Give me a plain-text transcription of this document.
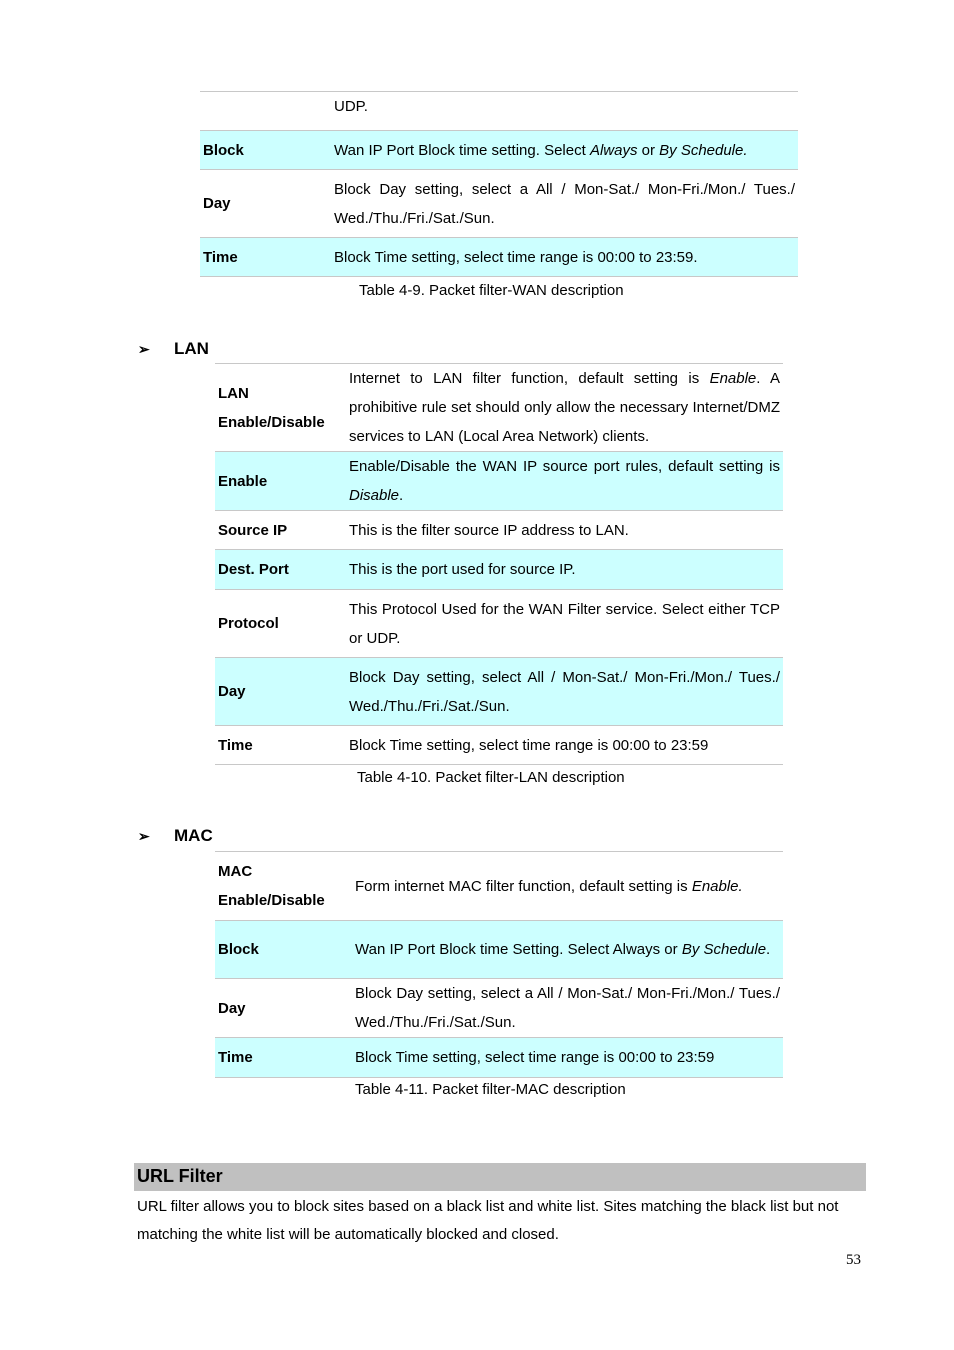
	UDP.
Block	Wan IP Port Block time setting. Select Always or By Schedule.
Day	Block Day setting, select a All / Mon-Sat./ Mon-Fri./Mon./ Tues./ Wed./Thu./Fri./Sat./Sun.
Time	Block Time setting, select time range is 00:00 to 23:59.
Table 4-9. Packet filter-WAN description
➢	LAN
LAN Enable/Disable	Internet to LAN filter function, default setting is Enable. A prohibitive rule set should only allow the necessary Internet/DMZ services to LAN (Local Area Network) clients.
Enable	Enable/Disable the WAN IP source port rules, default setting is Disable.
Source IP	This is the filter source IP address to LAN.
Dest. Port	This is the port used for source IP.
Protocol	This Protocol Used for the WAN Filter service. Select either TCP or UDP.
Day	Block Day setting, select All / Mon-Sat./ Mon-Fri./Mon./ Tues./ Wed./Thu./Fri./Sat./Sun.
Time	Block Time setting, select time range is 00:00 to 23:59
Table 4-10. Packet filter-LAN description
➢	MAC
MAC Enable/Disable	Form internet MAC filter function, default setting is Enable.
Block	Wan IP Port Block time Setting. Select Always or By Schedule.
Day	Block Day setting, select a All / Mon-Sat./ Mon-Fri./Mon./ Tues./ Wed./Thu./Fri./Sat./Sun.
Time	Block Time setting, select time range is 00:00 to 23:59
Table 4-11. Packet filter-MAC description
URL Filter
URL filter allows you to block sites based on a black list and white list. Sites matching the black list but not matching the white list will be automatically blocked and closed.
53
